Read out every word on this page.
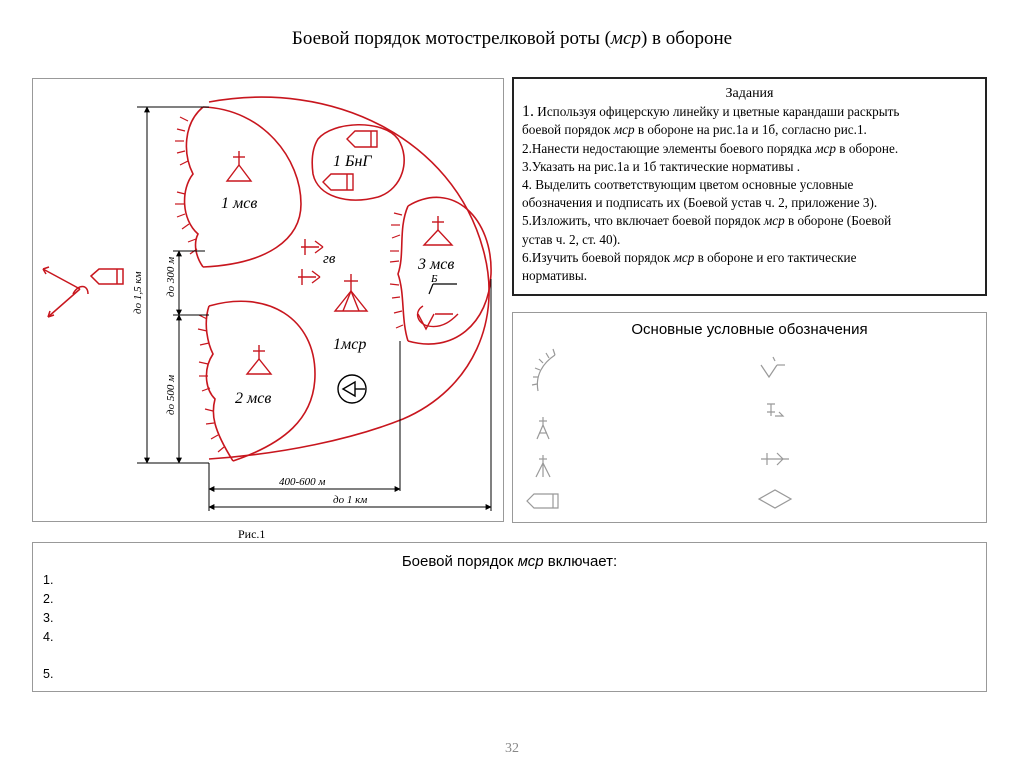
Боевой порядок мотострелковой роты (мср) в обороне
1 мсв
2 мсв
3 мсв
1 БнГ
гв
1мср
Б
до 1,5 км до 300 м
до 500 м
400-600 м
до 1 км
Рис.1
Задания

1. Используя офицерскую линейку и цветные карандаши раскрыть

боевой порядок мср в обороне на рис.1а и 1б, согласно рис.1.

2.Нанести недостающие элементы боевого порядка мср в обороне.

3.Указать на рис.1а и 1б тактические нормативы .

4. Выделить соответствующим цветом основные условные

обозначения и подписать их (Боевой устав ч. 2, приложение 3).

5.Изложить, что включает боевой порядок мср в обороне (Боевой

устав ч. 2, ст. 40).

6.Изучить боевой порядок мср в обороне и его тактические

нормативы.

Основные условные обозначения
Боевой порядок мср включает:
1.
2.
3.
4.
5.
32
